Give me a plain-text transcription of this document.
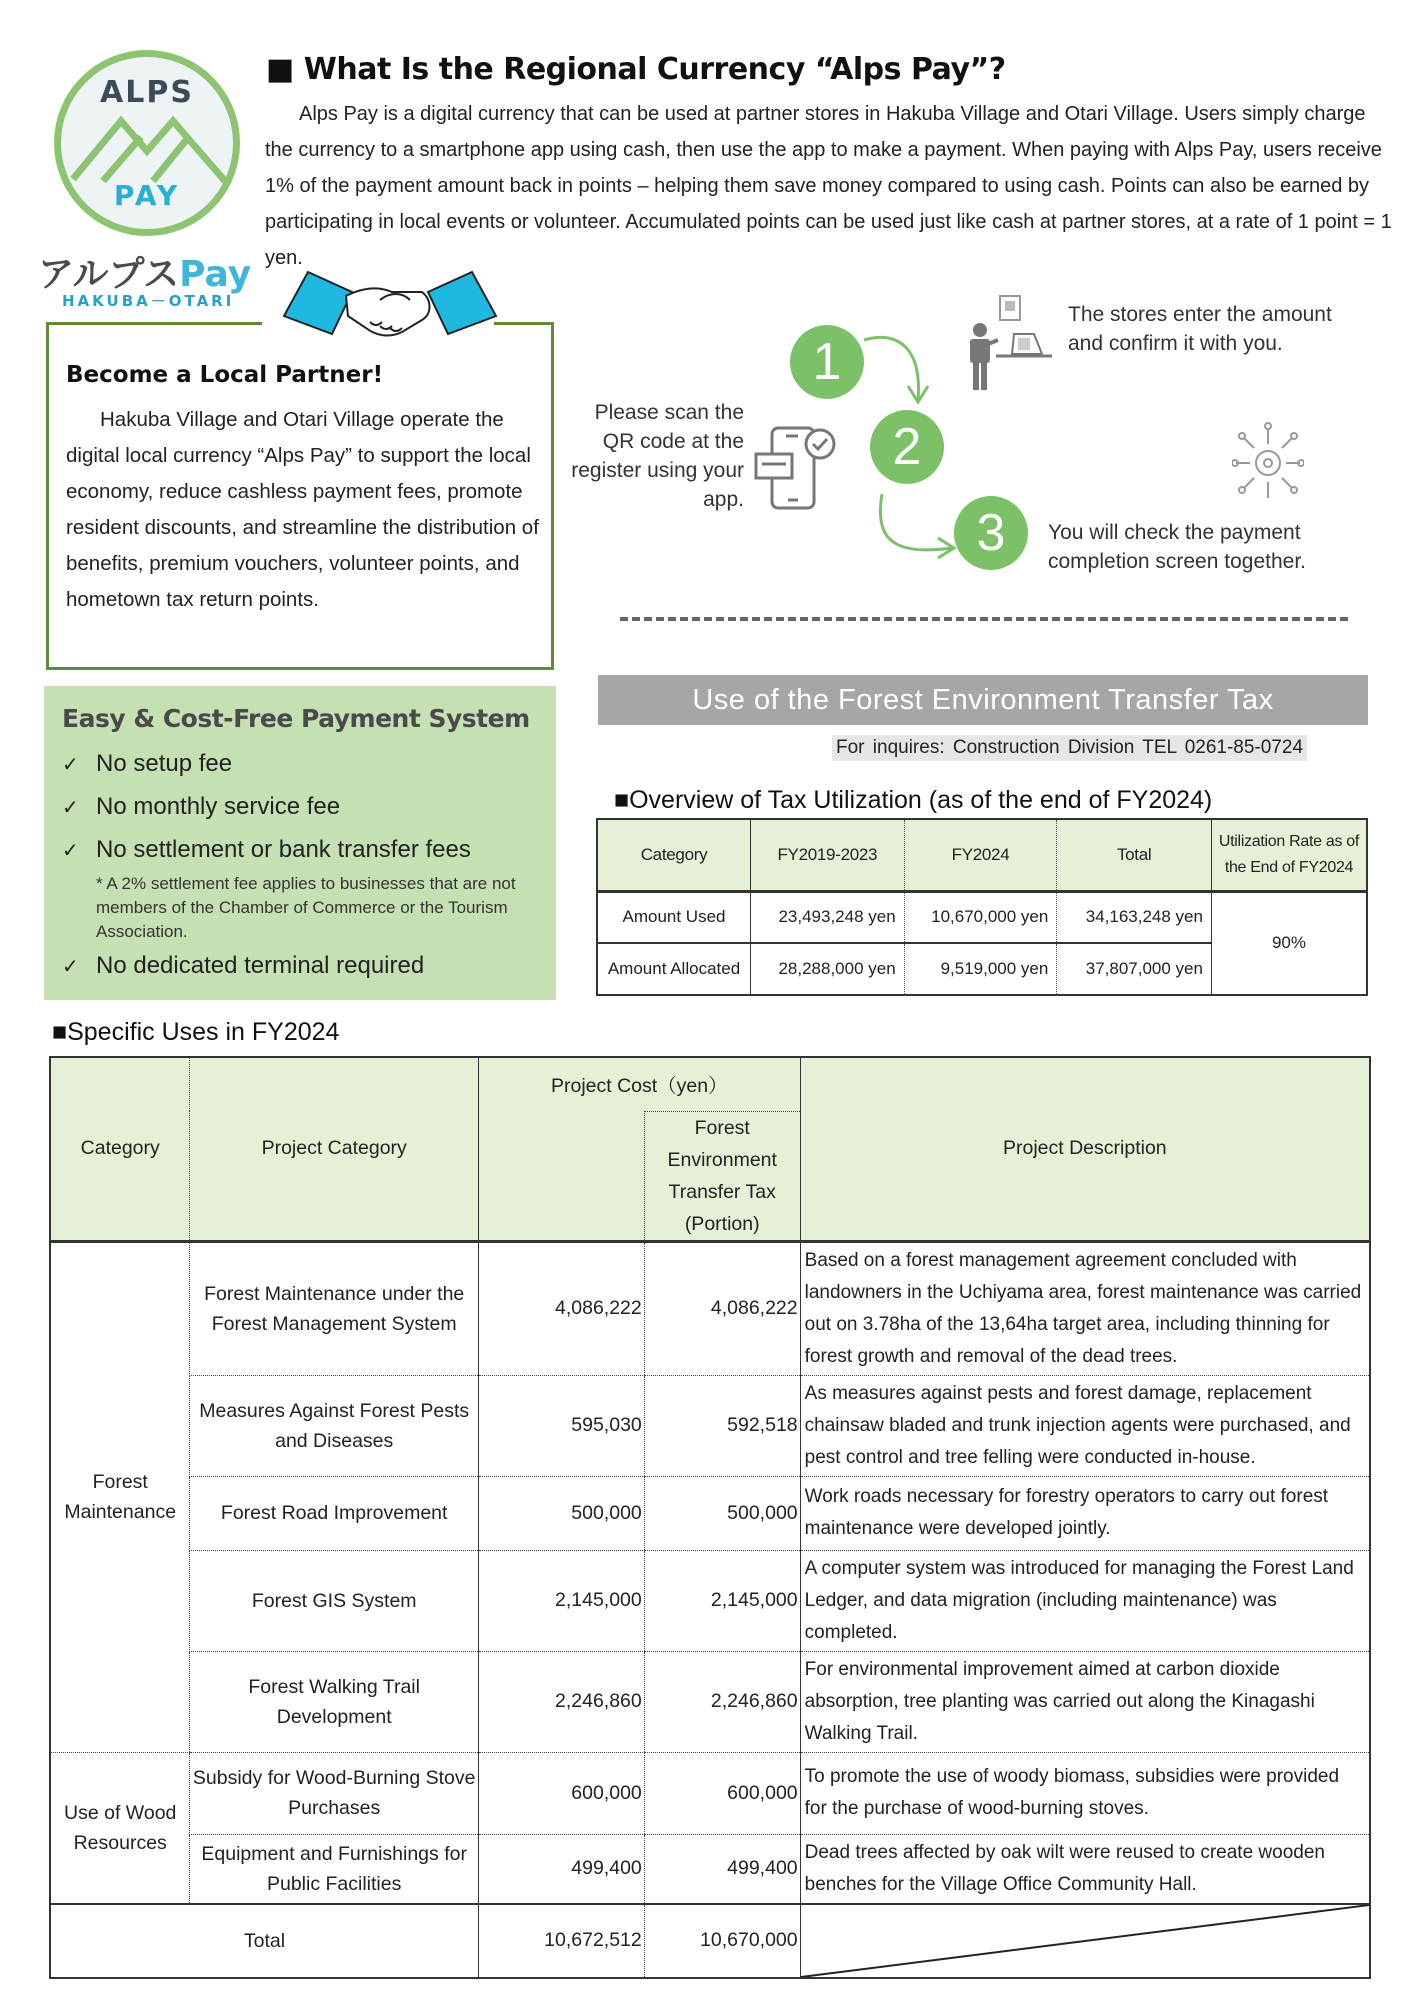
ALPS
PAY
アルプスPay
HAKUBA－OTARI
■ What Is the Regional Currency “Alps Pay”?
Alps Pay is a digital currency that can be used at partner stores in Hakuba Village and Otari Village. Users simply charge the currency to a smartphone app using cash, then use the app to make a payment. When paying with Alps Pay, users receive 1% of the payment amount back in points – helping them save money compared to using cash. Points can also be earned by participating in local events or volunteer. Accumulated points can be used just like cash at partner stores, at a rate of 1 point = 1 yen.
Become a Local Partner!
Hakuba Village and Otari Village operate the digital local currency “Alps Pay” to support the local economy, reduce cashless payment fees, promote resident discounts, and streamline the distribution of benefits, premium vouchers, volunteer points, and hometown tax return points.
Please scan the QR code at the register using your app.
1
2
3
The stores enter the amount and confirm it with you.
You will check the payment completion screen together.
Easy & Cost-Free Payment System
✓ No setup fee
✓ No monthly service fee
✓ No settlement or bank transfer fees
* A 2% settlement fee applies to businesses that are not members of the Chamber of Commerce or the Tourism Association.
✓ No dedicated terminal required
Use of the Forest Environment Transfer Tax
For inquires: Construction Division TEL 0261-85-0724
■Overview of Tax Utilization (as of the end of FY2024)
Category	FY2019-2023	FY2024	Total	Utilization Rate as of the End of FY2024
Amount Used	23,493,248 yen	10,670,000 yen	34,163,248 yen	90%
Amount Allocated	28,288,000 yen	9,519,000 yen	37,807,000 yen	
■Specific Uses in FY2024
Category	Project Category	Project Cost（yen）		Project Description
			Forest Environment Transfer Tax (Portion)	
Forest Maintenance	Forest Maintenance under the Forest Management System	4,086,222	4,086,222	Based on a forest management agreement concluded with landowners in the Uchiyama area, forest maintenance was carried out on 3.78ha of the 13,64ha target area, including thinning for forest growth and removal of the dead trees.
	Measures Against Forest Pests and Diseases	595,030	592,518	As measures against pests and forest damage, replacement chainsaw bladed and trunk injection agents were purchased, and pest control and tree felling were conducted in-house.
	Forest Road Improvement	500,000	500,000	Work roads necessary for forestry operators to carry out forest maintenance were developed jointly.
	Forest GIS System	2,145,000	2,145,000	A computer system was introduced for managing the Forest Land Ledger, and data migration (including maintenance) was completed.
	Forest Walking Trail Development	2,246,860	2,246,860	For environmental improvement aimed at carbon dioxide absorption, tree planting was carried out along the Kinagashi Walking Trail.
Use of Wood Resources	Subsidy for Wood-Burning Stove Purchases	600,000	600,000	To promote the use of woody biomass, subsidies were provided for the purchase of wood-burning stoves.
	Equipment and Furnishings for Public Facilities	499,400	499,400	Dead trees affected by oak wilt were reused to create wooden benches for the Village Office Community Hall.
Total		10,672,512	10,670,000	
